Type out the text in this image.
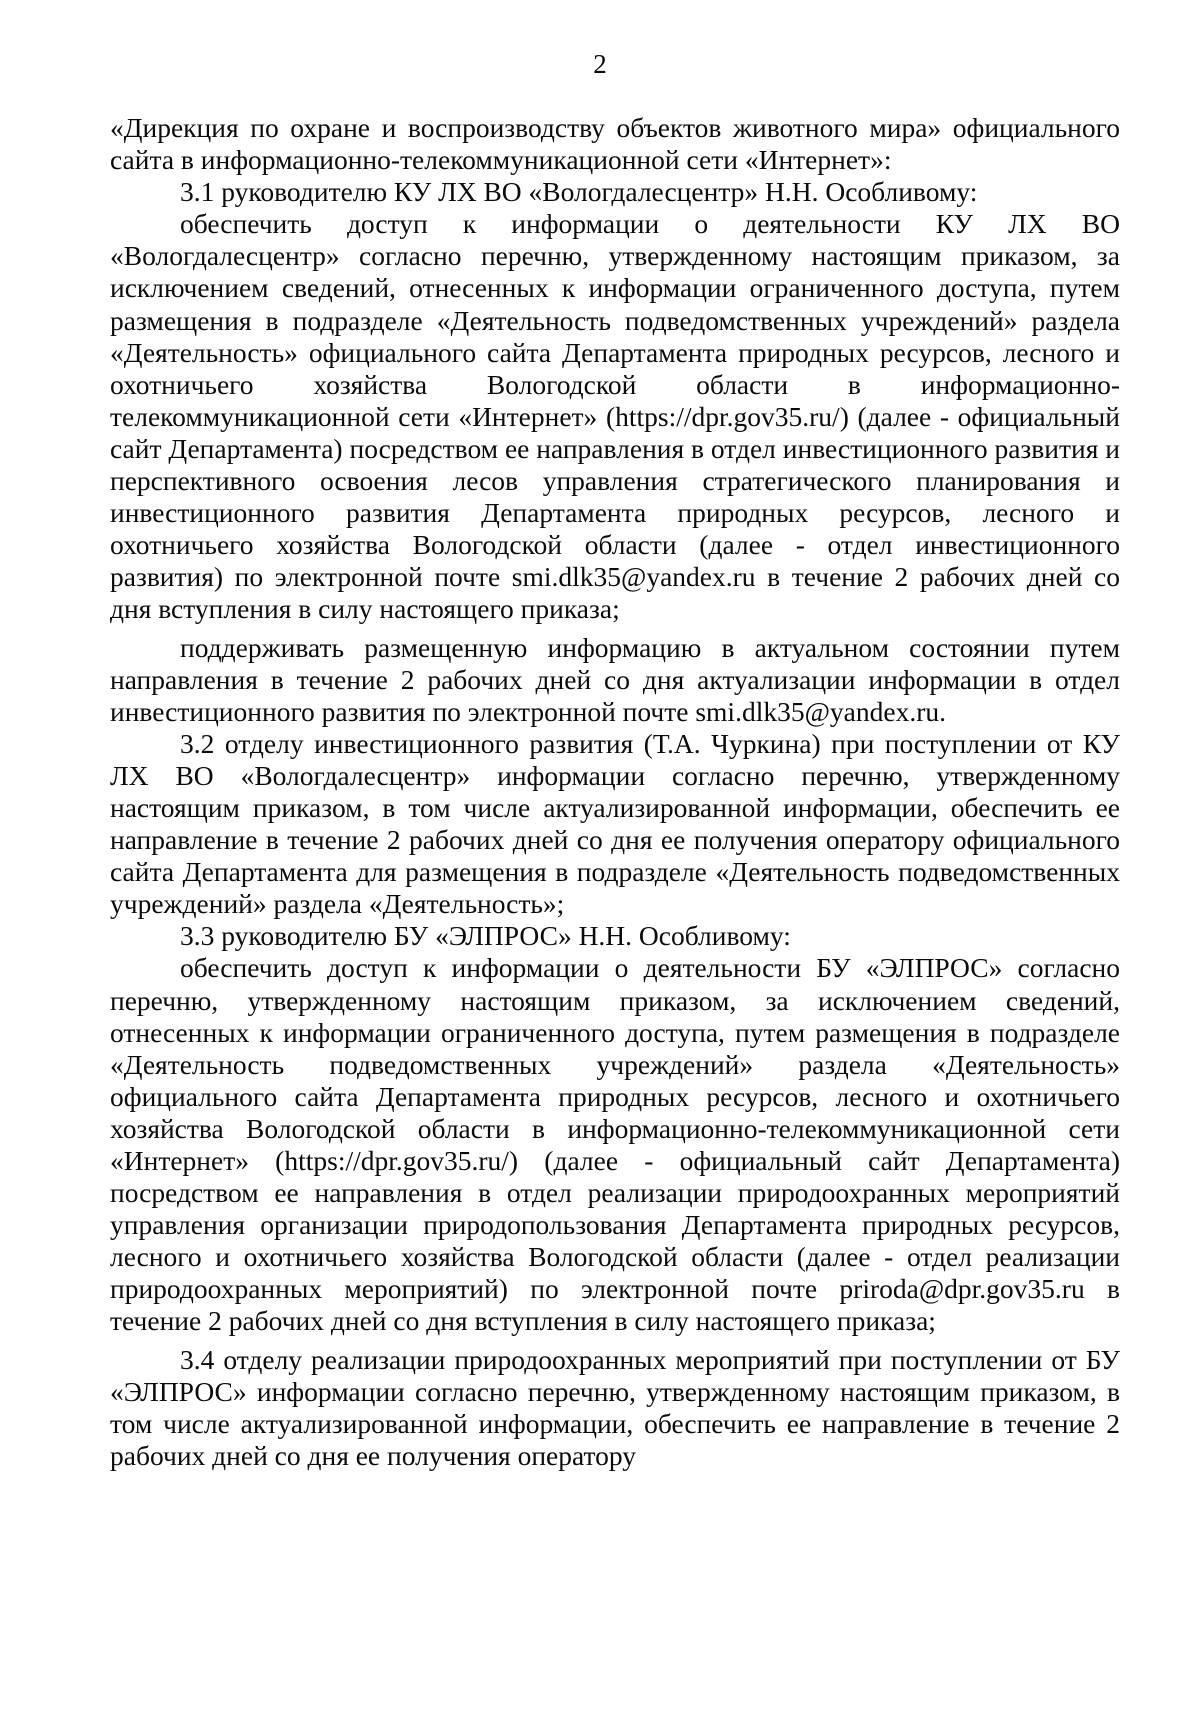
2

«Дирекция по охране и воспроизводству объектов животного мира» официального сайта в информационно-телекоммуникационной сети «Интернет»:

3.1 руководителю КУ ЛХ ВО «Вологдалесцентр» Н.Н. Особливому:

обеспечить доступ к информации о деятельности КУ ЛХ ВО «Вологдалесцентр» согласно перечню, утвержденному настоящим приказом, за исключением сведений, отнесенных к информации ограниченного доступа, путем размещения в подразделе «Деятельность подведомственных учреждений» раздела «Деятельность» официального сайта Департамента природных ресурсов, лесного и охотничьего хозяйства Вологодской области в информационно-телекоммуникационной сети «Интернет» (https://dpr.gov35.ru/) (далее - официальный сайт Департамента) посредством ее направления в отдел инвестиционного развития и перспективного освоения лесов управления стратегического планирования и инвестиционного развития Департамента природных ресурсов, лесного и охотничьего хозяйства Вологодской области (далее - отдел инвестиционного развития) по электронной почте smi.dlk35@yandex.ru в течение 2 рабочих дней со дня вступления в силу настоящего приказа;

поддерживать размещенную информацию в актуальном состоянии путем направления в течение 2 рабочих дней со дня актуализации информации в отдел инвестиционного развития по электронной почте smi.dlk35@yandex.ru.

3.2 отделу инвестиционного развития (Т.А. Чуркина) при поступлении от КУ ЛХ ВО «Вологдалесцентр» информации согласно перечню, утвержденному настоящим приказом, в том числе актуализированной информации, обеспечить ее направление в течение 2 рабочих дней со дня ее получения оператору официального сайта Департамента для размещения в подразделе «Деятельность подведомственных учреждений» раздела «Деятельность»;

3.3 руководителю БУ «ЭЛПРОС» Н.Н. Особливому:

обеспечить доступ к информации о деятельности БУ «ЭЛПРОС» согласно перечню, утвержденному настоящим приказом, за исключением сведений, отнесенных к информации ограниченного доступа, путем размещения в подразделе «Деятельность подведомственных учреждений» раздела «Деятельность» официального сайта Департамента природных ресурсов, лесного и охотничьего хозяйства Вологодской области в информационно-телекоммуникационной сети «Интернет» (https://dpr.gov35.ru/) (далее - официальный сайт Департамента) посредством ее направления в отдел реализации природоохранных мероприятий управления организации природопользования Департамента природных ресурсов, лесного и охотничьего хозяйства Вологодской области (далее - отдел реализации природоохранных мероприятий) по электронной почте priroda@dpr.gov35.ru в течение 2 рабочих дней со дня вступления в силу настоящего приказа;

3.4 отделу реализации природоохранных мероприятий при поступлении от БУ «ЭЛПРОС» информации согласно перечню, утвержденному настоящим приказом, в том числе актуализированной информации, обеспечить ее направление в течение 2 рабочих дней со дня ее получения оператору
